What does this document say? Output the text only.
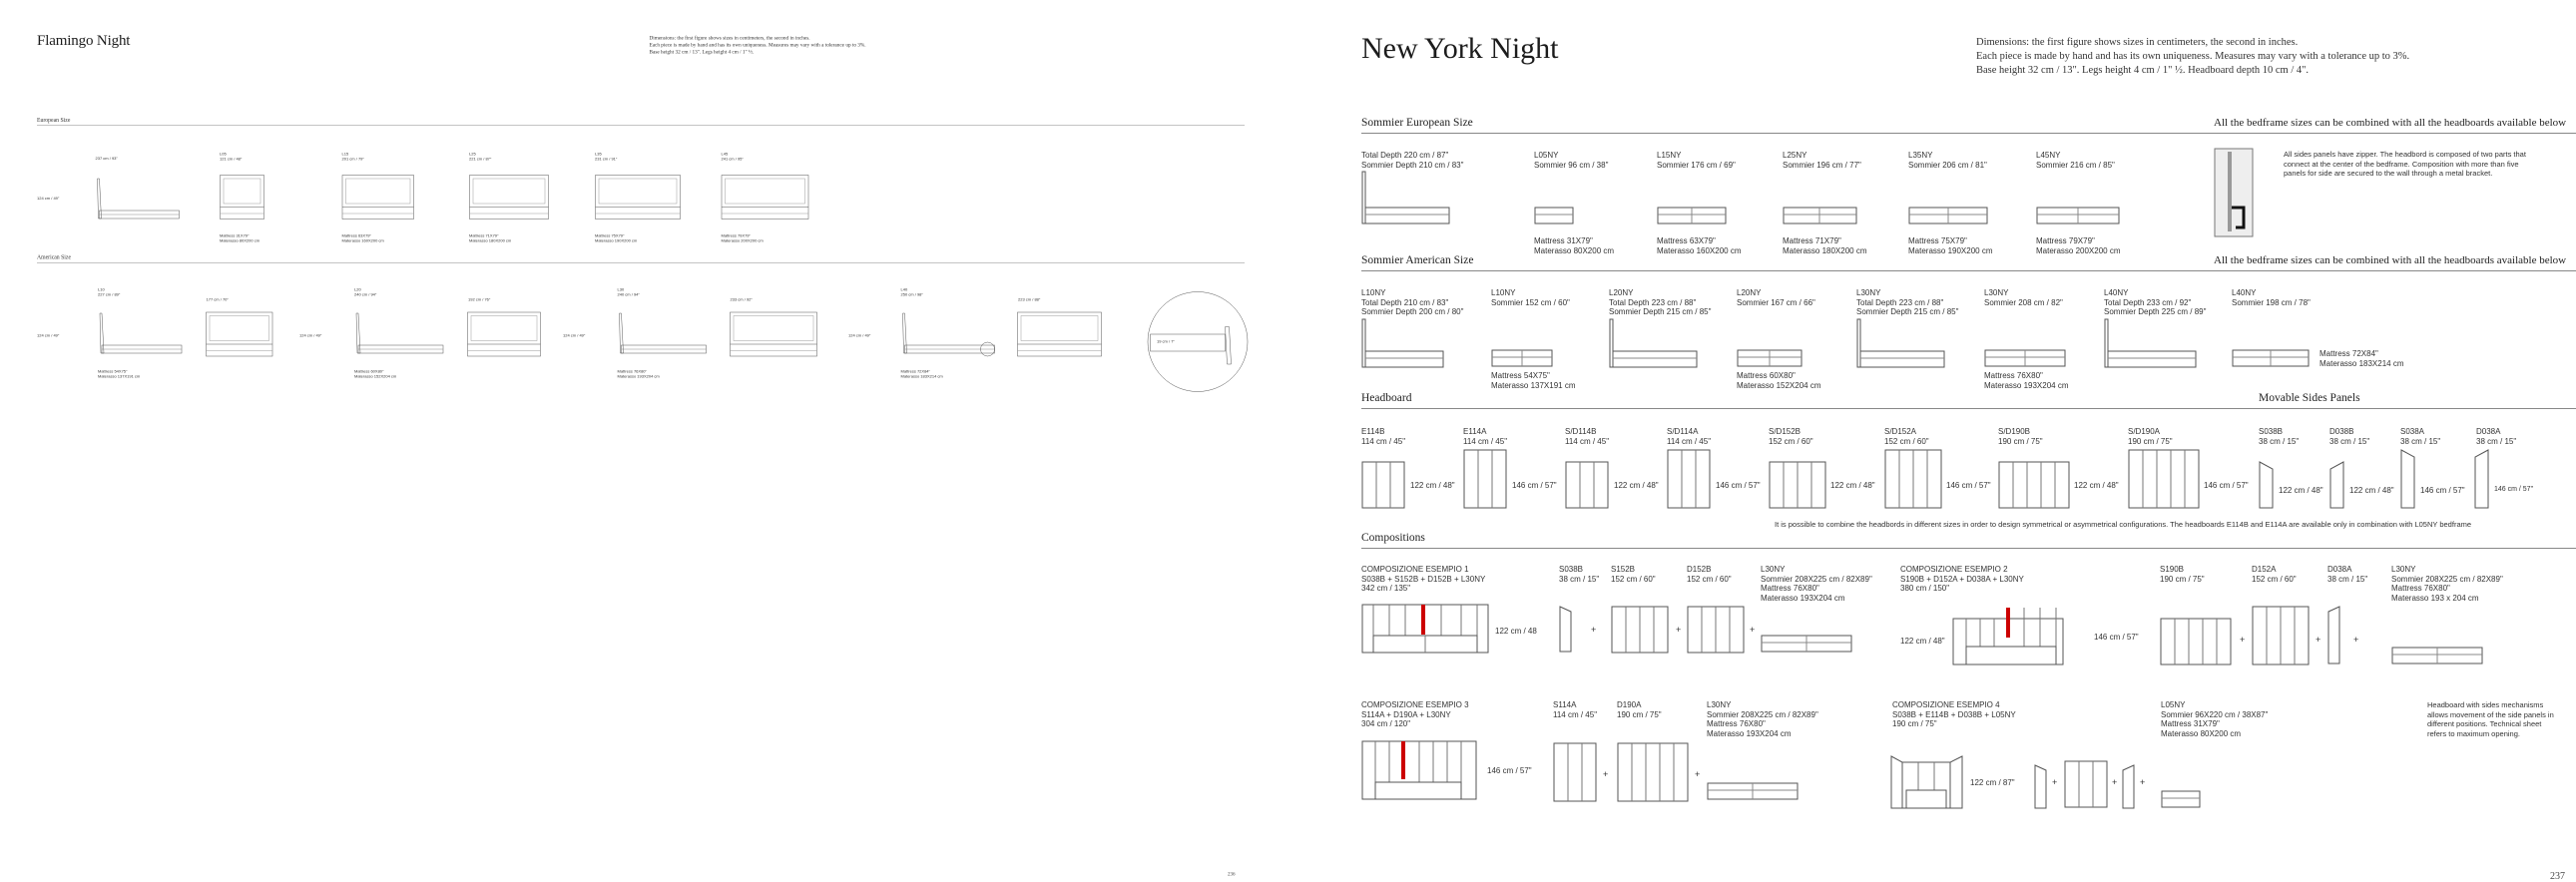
Flamingo Night	Dimensions: the first figure shows sizes in centimeters, the second in inches.
Each piece is made by hand and has its own uniqueness. Measures may vary with a tolerance up to 3%.
Base height 32 cm / 13". Legs height 4 cm / 1" ½.
European Size
237 cm / 93"
124 cm / 49"
L05
121 cm / 48"
Mattress 31X79"
Materasso 80X200 cm
L15
201 cm / 79"
Mattress 63X79"
Materasso 160X200 cm
L25
221 cm / 87"
Mattress 71X79"
Materasso 180X200 cm
L35
231 cm / 91"
Mattress 75X79"
Materasso 190X200 cm
L45
241 cm / 95"
Mattress 79X79"
Materasso 200X200 cm
American Size
L10
227 cm / 89"
124 cm / 49"
177 cm / 70"
Mattress 54X75"
Materasso 137X191 cm
L20
240 cm / 94"
124 cm / 49"
192 cm / 76"
Mattress 60X80"
Materasso 152X204 cm
L30
240 cm / 94"
124 cm / 49"
233 cm / 92"
Mattress 76X80"
Materasso 193X204 cm
L40
250 cm / 98"
124 cm / 49"
223 cm / 88"
Mattress 72X84"
Materasso 183X214 cm
19 cm / 7"
236
New York Night	Dimensions: the first figure shows sizes in centimeters, the second in inches.
Each piece is made by hand and has its own uniqueness. Measures may vary with a tolerance up to 3%.
Base height 32 cm / 13". Legs height 4 cm / 1" ½. Headboard depth 10 cm / 4".
Sommier European Size	All the bedframe sizes can be combined with all the headboards available below
Total Depth 220 cm / 87"
Sommier Depth 210 cm / 83"
L05NY
Sommier 96 cm / 38"
Mattress 31X79"
Materasso 80X200 cm
L15NY
Sommier 176 cm / 69"
Mattress 63X79"
Materasso 160X200 cm
L25NY
Sommier 196 cm / 77"
Mattress 71X79"
Materasso 180X200 cm
L35NY
Sommier 206 cm / 81"
Mattress 75X79"
Materasso 190X200 cm
L45NY
Sommier 216 cm / 85"
Mattress 79X79"
Materasso 200X200 cm
All sides panels have zipper. The headbord is composed of two parts that
connect at the center of the bedframe. Composition with more than five
panels for side are secured to the wall through a metal bracket.
Sommier American Size	All the bedframe sizes can be combined with all the headboards available below
L10NY
Total Depth 210 cm / 83"
Sommier Depth 200 cm / 80"
L10NY
Sommier 152 cm / 60"
Mattress 54X75"
Materasso 137X191 cm
L20NY
Total Depth 223 cm / 88"
Sommier Depth 215 cm / 85"
L20NY
Sommier 167 cm / 66"
Mattress 60X80"
Materasso 152X204 cm
L30NY
Total Depth 223 cm / 88"
Sommier Depth 215 cm / 85"
L30NY
Sommier 208 cm / 82"
Mattress 76X80"
Materasso 193X204 cm
L40NY
Total Depth 233 cm / 92"
Sommier Depth 225 cm / 89"
L40NY
Sommier 198 cm / 78"
Mattress 72X84"
Materasso 183X214 cm
Headboard	Movable Sides Panels
E114B
114 cm / 45"
122 cm / 48"
E114A
114 cm / 45"
146 cm / 57"
S/D114B
114 cm / 45"
122 cm / 48"
S/D114A
114 cm / 45"
146 cm / 57"
S/D152B
152 cm / 60"
122 cm / 48"
S/D152A
152 cm / 60"
146 cm / 57"
S/D190B
190 cm / 75"
122 cm / 48"
S/D190A
190 cm / 75"
146 cm / 57"
S038B
38 cm / 15"
122 cm / 48"
D038B
38 cm / 15"
122 cm / 48"
S038A
38 cm / 15"
146 cm / 57"
D038A
38 cm / 15"
146 cm / 57"
It is possible to combine the headbords in different sizes in order to design symmetrical or asymmetrical configurations. The headboards E114B and E114A are available only in combination with L05NY bedframe
Compositions
COMPOSIZIONE ESEMPIO 1
S038B + S152B + D152B + L30NY
342 cm / 135"
122 cm / 48
S038B
38 cm / 15"
+
S152B
152 cm / 60"
+
D152B
152 cm / 60"
+
L30NY
Sommier 208X225 cm / 82X89"
Mattress 76X80"
Materasso 193X204 cm
COMPOSIZIONE ESEMPIO 2
S190B + D152A + D038A + L30NY
380 cm / 150"
122 cm / 48"	146 cm / 57"
S190B
190 cm / 75"
+
D152A
152 cm / 60"
+
D038A
38 cm / 15"
+
L30NY
Sommier 208X225 cm / 82X89"
Mattress 76X80"
Materasso 193 x 204 cm
COMPOSIZIONE ESEMPIO 3
S114A + D190A + L30NY
304 cm / 120"
146 cm / 57"
S114A
114 cm / 45"
+
D190A
190 cm / 75"
+
L30NY
Sommier 208X225 cm / 82X89"
Mattress 76X80"
Materasso 193X204 cm
COMPOSIZIONE ESEMPIO 4
S038B + E114B + D038B + L05NY
190 cm / 75"
122 cm / 87"	+	+	+
L05NY
Sommier 96X220 cm / 38X87"
Mattress 31X79"
Materasso 80X200 cm
Headboard with sides mechanisms
allows movement of the side panels in
different positions. Technical sheet
refers to maximum opening.
237
